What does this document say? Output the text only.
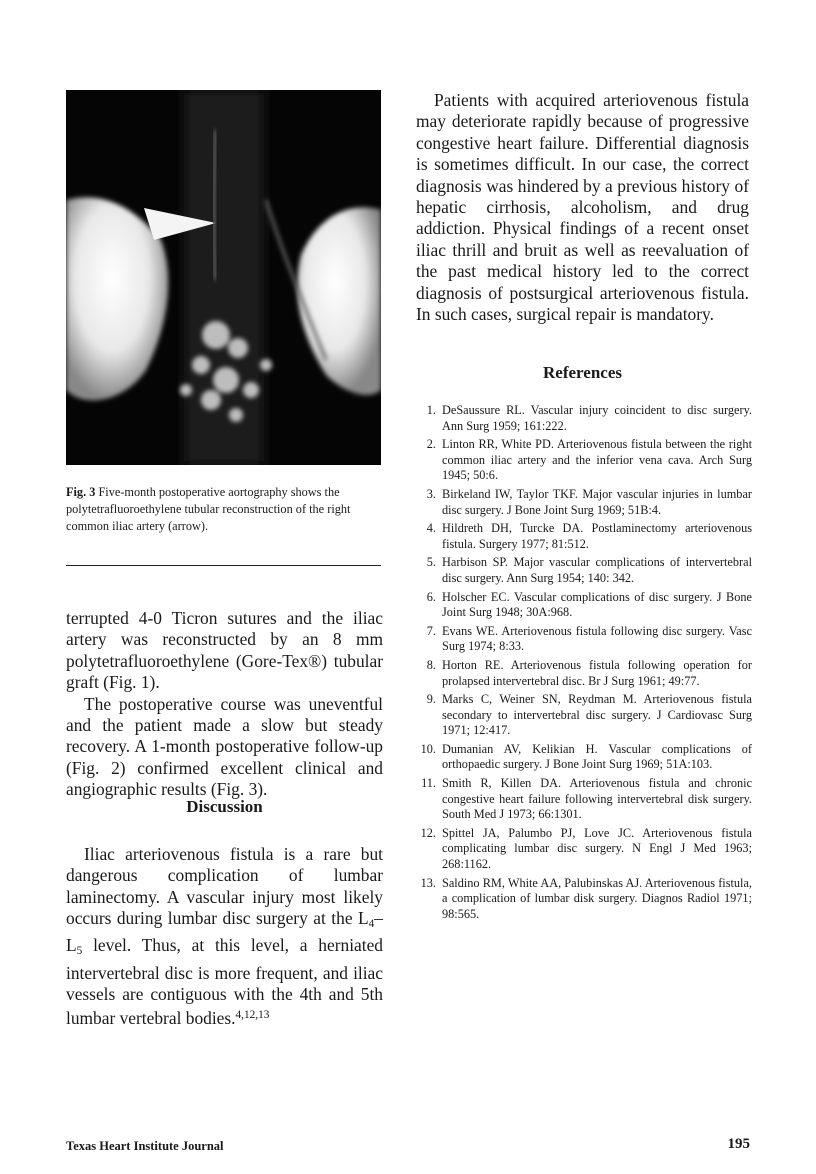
Fig. 3 Five-month postoperative aortography shows the polytetrafluoroethylene tubular reconstruction of the right common iliac artery (arrow).

terrupted 4-0 Ticron sutures and the iliac artery was reconstructed by an 8 mm polytetrafluoroethylene (Gore-Tex®) tubular graft (Fig. 1).

The postoperative course was uneventful and the patient made a slow but steady recovery. A 1-month postoperative follow-up (Fig. 2) confirmed excellent clinical and angiographic results (Fig. 3).

Discussion

Iliac arteriovenous fistula is a rare but dangerous complication of lumbar laminectomy. A vascular injury most likely occurs during lumbar disc surgery at the $L_4-L_5$ level. Thus, at this level, a herniated intervertebral disc is more frequent, and iliac vessels are contiguous with the 4th and 5th lumbar vertebral bodies.$^{4,12,13}$

Patients with acquired arteriovenous fistula may deteriorate rapidly because of progressive congestive heart failure. Differential diagnosis is sometimes difficult. In our case, the correct diagnosis was hindered by a previous history of hepatic cirrhosis, alcoholism, and drug addiction. Physical findings of a recent onset iliac thrill and bruit as well as reevaluation of the past medical history led to the correct diagnosis of postsurgical arteriovenous fistula. In such cases, surgical repair is mandatory.

References
1. DeSaussure RL. Vascular injury coincident to disc surgery. Ann Surg 1959; 161:222.
2. Linton RR, White PD. Arteriovenous fistula between the right common iliac artery and the inferior vena cava. Arch Surg 1945; 50:6.
3. Birkeland IW, Taylor TKF. Major vascular injuries in lumbar disc surgery. J Bone Joint Surg 1969; 51B:4.
4. Hildreth DH, Turcke DA. Postlaminectomy arteriovenous fistula. Surgery 1977; 81:512.
5. Harbison SP. Major vascular complications of intervertebral disc surgery. Ann Surg 1954; 140: 342.
6. Holscher EC. Vascular complications of disc surgery. J Bone Joint Surg 1948; 30A:968.
7. Evans WE. Arteriovenous fistula following disc surgery. Vasc Surg 1974; 8:33.
8. Horton RE. Arteriovenous fistula following operation for prolapsed intervertebral disc. Br J Surg 1961; 49:77.
9. Marks C, Weiner SN, Reydman M. Arteriovenous fistula secondary to intervertebral disc surgery. J Cardiovasc Surg 1971; 12:417.
10. Dumanian AV, Kelikian H. Vascular complications of orthopaedic surgery. J Bone Joint Surg 1969; 51A:103.
11. Smith R, Killen DA. Arteriovenous fistula and chronic congestive heart failure following intervertebral disk surgery. South Med J 1973; 66:1301.
12. Spittel JA, Palumbo PJ, Love JC. Arteriovenous fistula complicating lumbar disc surgery. N Engl J Med 1963; 268:1162.
13. Saldino RM, White AA, Palubinskas AJ. Arteriovenous fistula, a complication of lumbar disk surgery. Diagnos Radiol 1971; 98:565.
Texas Heart Institute Journal	195
